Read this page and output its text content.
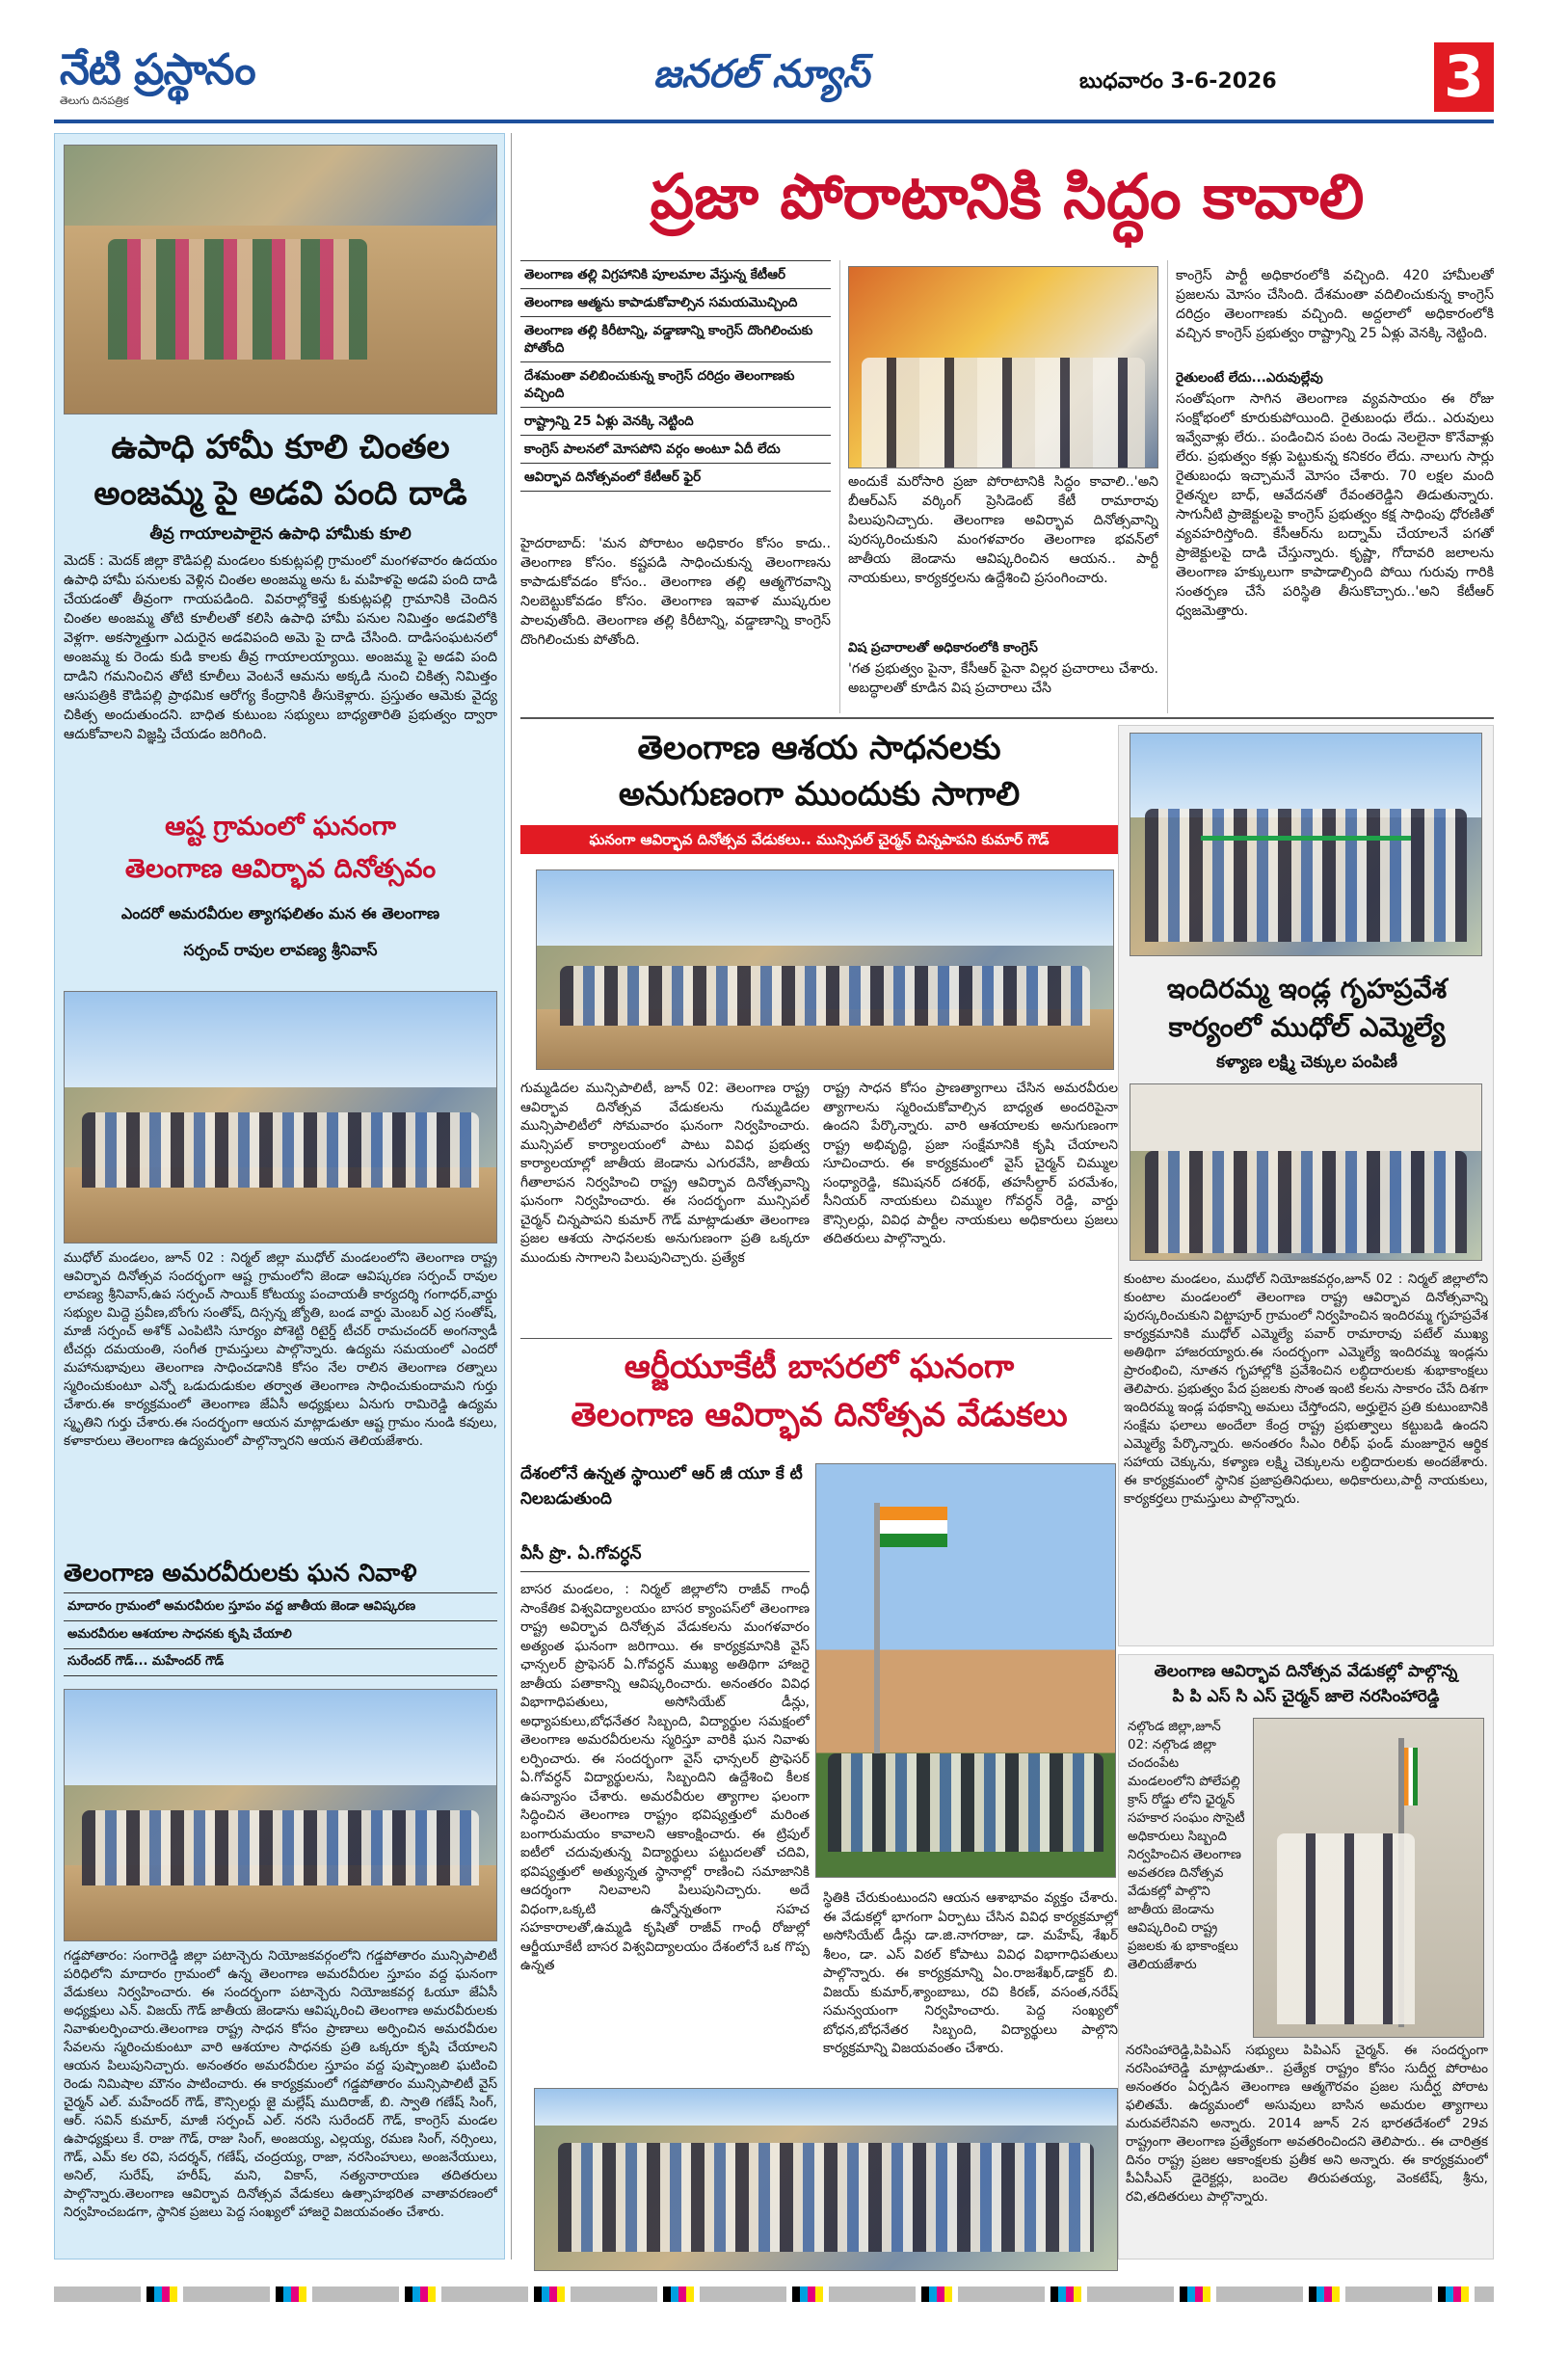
నేటి ప్రస్థానం
తెలుగు దినపత్రిక
జనరల్ న్యూస్	బుధవారం 3-6-2026	3
ఉపాధి హామీ కూలి చింతల అంజమ్మ పై అడవి పంది దాడి
తీవ్ర గాయాలపాలైన ఉపాధి హామీకు కూలి
మెదక్ : మెదక్ జిల్లా కౌడిపల్లి మండలం కుకుట్లపల్లి గ్రామంలో మంగళవారం ఉదయం ఉపాధి హామీ పనులకు వెళ్లిన చింతల అంజమ్మ అను ఓ మహిళపై అడవి పంది దాడి చేయడంతో తీవ్రంగా గాయపడింది. వివరాల్లోకెళ్తే కుకుట్లపల్లి గ్రామానికి చెందిన చింతల అంజమ్మ తోటి కూలీలతో కలిసి ఉపాధి హామీ పనుల నిమిత్తం అడవిలోకి వెళ్లగా. అకస్మాత్తుగా ఎదురైన అడవిపంది అమె పై దాడి చేసింది. దాడిసంఘటనలో అంజమ్మ కు రెండు కుడి కాలకు తీవ్ర గాయాలయ్యాయి. అంజమ్మ పై అడవి పంది దాడిని గమనించిన తోటి కూలీలు వెంటనే ఆమను అక్కడి నుంచి చికిత్స నిమిత్తం ఆసుపత్రికి కౌడిపల్లి ప్రాథమిక ఆరోగ్య కేంద్రానికి తీసుకెళ్లారు. ప్రస్తుతం ఆమెకు వైద్య చికిత్స అందుతుందని. బాధిత కుటుంబ సభ్యులు బాధ్యతారితి ప్రభుత్వం ద్వారా ఆదుకోవాలని విజ్ఞప్తి చేయడం జరిగింది.
ఆష్ట గ్రామంలో ఘనంగా
తెలంగాణ ఆవిర్భావ దినోత్సవం
ఎందరో అమరవీరుల త్యాగఫలితం మన ఈ తెలంగాణ
సర్పంచ్ రావుల లావణ్య శ్రీనివాస్
ముధోల్ మండలం, జూన్ 02 : నిర్మల్ జిల్లా ముధోల్ మండలంలోని తెలంగాణ రాష్ట్ర ఆవిర్భావ దినోత్సవ సందర్భంగా ఆష్ట గ్రామంలోని జెండా ఆవిష్కరణ సర్పంచ్ రావుల లావణ్య శ్రీనివాస్,ఉప సర్పంచ్ సాయిక్ కోటయ్య పంచాయతీ కార్యదర్శి గంగాధర్,వార్డు సభ్యుల మిద్దె ప్రవీణ,బోంగు సంతోష్, దిస్సన్న జ్యోతి, బండ వార్డు మెంబర్ ఎర్ర సంతోష్, మాజీ సర్పంచ్ అశోక్ ఎంపిటిసి సూర్యం పోశెట్టి రిటైర్డ్ టీచర్ రామచందర్ అంగన్వాడీ టీచర్లు దమయంతి, సంగీత గ్రామస్తులు పాల్గొన్నారు. ఉద్యమ సమయంలో ఎందరో మహానుభావులు తెలంగాణ సాధించడానికి కోసం నేల రాలిన తెలంగాణ రత్నాలు స్మరించుకుంటూ ఎన్నో ఒడుదుడుకుల తర్వాత తెలంగాణ సాధించుకుందామని గుర్తు చేశారు.ఈ కార్యక్రమంలో తెలంగాణ జేఏసీ అధ్యక్షులు ఏనుగు రామిరెడ్డి ఉద్యమ స్మృతిని గుర్తు చేశారు.ఈ సందర్భంగా ఆయన మాట్లాడుతూ ఆష్ట గ్రామం నుండి కవులు, కళాకారులు తెలంగాణ ఉద్యమంలో పాల్గొన్నారని ఆయన తెలియజేశారు.
తెలంగాణ అమరవీరులకు ఘన నివాళి
మాదారం గ్రామంలో అమరవీరుల స్తూపం వద్ద జాతీయ జెండా ఆవిష్కరణ
అమరవీరుల ఆశయాల సాధనకు కృషి చేయాలి
సురేందర్ గౌడ్... మహేందర్ గౌడ్
గడ్డపోతారం: సంగారెడ్డి జిల్లా పటాన్చెరు నియోజకవర్గంలోని గడ్డపోతారం మున్సిపాలిటీ పరిధిలోని మాదారం గ్రామంలో ఉన్న తెలంగాణ అమరవీరుల స్తూపం వద్ద ఘనంగా వేడుకలు నిర్వహించారు. ఈ సందర్భంగా పటాన్చెరు నియోజకవర్గ ఓయూ జేఏసీ అధ్యక్షులు ఎన్. విజయ్ గౌడ్ జాతీయ జెండాను ఆవిష్కరించి తెలంగాణ అమరవీరులకు నివాళులర్పించారు.తెలంగాణ రాష్ట్ర సాధన కోసం ప్రాణాలు అర్పించిన అమరవీరుల సేవలను స్మరించుకుంటూ వారి ఆశయాల సాధనకు ప్రతి ఒక్కరూ కృషి చేయాలని ఆయన పిలుపునిచ్చారు. అనంతరం అమరవీరుల స్తూపం వద్ద పుష్పాంజలి ఘటించి రెండు నిమిషాల మౌనం పాటించారు. ఈ కార్యక్రమంలో గడ్డపోతారం మున్సిపాలిటీ వైస్ చైర్మన్ ఎల్. మహేందర్ గౌడ్, కౌన్సిలర్లు జై మల్లేష్ ముదిరాజ్, బి. స్వాతి గణేష్ సింగ్, ఆర్. సవిన్ కుమార్, మాజీ సర్పంచ్ ఎల్. నరసి సురేందర్ గౌడ్, కాంగ్రెస్ మండల ఉపాధ్యక్షులు కే. రాజు గౌడ్, రాజు సింగ్, అంజయ్య, ఎల్లయ్య, రమణ సింగ్, నర్సింలు, గౌడ్, ఎమ్ కల రవి, సదర్శన్, గణేష్, చంద్రయ్య, రాజా, నరసింహులు, అంజనేయులు, అనిల్, సురేష్, హరీష్, మని, వికాస్, నత్యనారాయణ తదితరులు పాల్గొన్నారు.తెలంగాణ ఆవిర్భావ దినోత్సవ వేడుకలు ఉత్సాహభరిత వాతావరణంలో నిర్వహించబడగా, స్థానిక ప్రజలు పెద్ద సంఖ్యలో హాజరై విజయవంతం చేశారు.
ప్రజా పోరాటానికి సిద్ధం కావాలి
తెలంగాణ తల్లి విగ్రహానికి పూలమాల వేస్తున్న కేటీఆర్
తెలంగాణ ఆత్మను కాపాడుకోవాల్సిన సమయమొచ్చింది
తెలంగాణ తల్లి కిరీటాన్ని, వడ్డాణాన్ని కాంగ్రెస్ దొంగిలించుకు పోతోంది
దేశమంతా వలిబించుకున్న కాంగ్రెస్ దరిద్రం తెలంగాణకు వచ్చింది
రాష్ట్రాన్ని 25 ఏళ్లు వెనక్కి నెట్టింది
కాంగ్రెస్ పాలనలో మోసపోని వర్గం అంటూ ఏదీ లేదు
ఆవిర్భావ దినోత్సవంలో కేటీఆర్ ఫైర్
హైదరాబాద్: 'మన పోరాటం అధికారం కోసం కాదు.. తెలంగాణ కోసం. కష్టపడి సాధించుకున్న తెలంగాణను కాపాడుకోవడం కోసం.. తెలంగాణ తల్లి ఆత్మగౌరవాన్ని నిలబెట్టుకోవడం కోసం. తెలంగాణ ఇవాళ ముష్కరుల పాలవుతోంది. తెలంగాణ తల్లి కిరీటాన్ని, వడ్డాణాన్ని కాంగ్రెస్ దొంగిలించుకు పోతోంది.
అందుకే మరోసారి ప్రజా పోరాటానికి సిద్ధం కావాలి..'అని బీఆర్ఎస్ వర్కింగ్ ప్రెసిడెంట్ కేటీ రామారావు పిలుపునిచ్చారు. తెలంగాణ అవిర్భావ దినోత్సవాన్ని పురస్కరించుకుని మంగళవారం తెలంగాణ భవన్‌లో జాతీయ జెండాను ఆవిష్కరించిన ఆయన.. పార్టీ నాయకులు, కార్యకర్తలను ఉద్దేశించి ప్రసంగించారు.
విష ప్రచారాలతో అధికారంలోకి కాంగ్రెస్
'గత ప్రభుత్వం పైనా, కేసీఆర్ పైనా విల్లర ప్రచారాలు చేశారు. అబద్ధాలతో కూడిన విష ప్రచారాలు చేసి
కాంగ్రెస్ పార్టీ అధికారంలోకి వచ్చింది. 420 హామీలతో ప్రజలను మోసం చేసింది. దేశమంతా వదిలించుకున్న కాంగ్రెస్ దరిద్రం తెలంగాణకు వచ్చింది. అద్దలాలో అధికారంలోకి వచ్చిన కాంగ్రెస్ ప్రభుత్వం రాష్ట్రాన్ని 25 ఏళ్లు వెనక్కి నెట్టింది.
రైతులంటే లేదు...ఎరువుల్లేవు
సంతోషంగా సాగిన తెలంగాణ వ్యవసాయం ఈ రోజు సంక్షోభంలో కూరుకుపోయింది. రైతుబంధు లేదు.. ఎరువులు ఇవ్వేవాళ్లు లేరు.. పండించిన పంట రెండు నెలలైనా కొనేవాళ్లు లేరు. ప్రభుత్వం కళ్లు పెట్టుకున్న కనికరం లేదు. నాలుగు సార్లు రైతుబంధు ఇచ్చామనే మోసం చేశారు. 70 లక్షల మంది రైతన్నల బాధ్, ఆవేదనతో రేవంతరెడ్డిని తిడుతున్నారు. సాగునీటి ప్రాజెక్టులపై కాంగ్రెస్ ప్రభుత్వం కక్ష సాధింపు ధోరణితో వ్యవహరిస్తోంది. కేసీఆర్‌ను బద్నామ్ చేయాలనే పగతో ప్రాజెక్టులపై దాడి చేస్తున్నారు. కృష్ణా, గోదావరి జలాలను తెలంగాణ హక్కులుగా కాపాడాల్సింది పోయి గురువు గారికి సంతర్పణ చేసే పరిస్థితి తీసుకొచ్చారు..'అని కేటీఆర్ ధ్వజమెత్తారు.
తెలంగాణ ఆశయ సాధనలకు
అనుగుణంగా ముందుకు సాగాలి
ఘనంగా ఆవిర్భావ దినోత్సవ వేడుకలు.. మున్సిపల్ చైర్మన్ చిన్నపాపని కుమార్ గౌడ్
గుమ్మడిదల మున్సిపాలిటీ, జూన్ 02: తెలంగాణ రాష్ట్ర ఆవిర్భావ దినోత్సవ వేడుకలను గుమ్మడిదల మున్సిపాలిటీలో సోమవారం ఘనంగా నిర్వహించారు. మున్సిపల్ కార్యాలయంలో పాటు వివిధ ప్రభుత్వ కార్యాలయాల్లో జాతీయ జెండాను ఎగురవేసి, జాతీయ గీతాలాపన నిర్వహించి రాష్ట్ర ఆవిర్భావ దినోత్సవాన్ని ఘనంగా నిర్వహించారు. ఈ సందర్భంగా మున్సిపల్ చైర్మన్ చిన్నపాపని కుమార్ గౌడ్ మాట్లాడుతూ తెలంగాణ ప్రజల ఆశయ సాధనలకు అనుగుణంగా ప్రతి ఒక్కరూ ముందుకు సాగాలని పిలుపునిచ్చారు. ప్రత్యేక
రాష్ట్ర సాధన కోసం ప్రాణత్యాగాలు చేసిన అమరవీరుల త్యాగాలను స్మరించుకోవాల్సిన బాధ్యత అందరిపైనా ఉందని పేర్కొన్నారు. వారి ఆశయాలకు అనుగుణంగా రాష్ట్ర అభివృద్ధి, ప్రజా సంక్షేమానికి కృషి చేయాలని సూచించారు. ఈ కార్యక్రమంలో వైస్ చైర్మన్ చిమ్ముల సంధ్యారెడ్డి, కమిషనర్ దశరథ్, తహసీల్దార్ పరమేశం, సీనియర్ నాయకులు చిమ్ముల గోవర్ధన్ రెడ్డి, వార్డు కౌన్సిలర్లు, వివిధ పార్టీల నాయకులు అధికారులు ప్రజలు తదితరులు పాల్గొన్నారు.
ఆర్జీయూకేటీ బాసరలో ఘనంగా
తెలంగాణ ఆవిర్భావ దినోత్సవ వేడుకలు
దేశంలోనే ఉన్నత స్థాయిలో ఆర్ జీ యూ కే టీ నిలబడుతుంది
వీసీ ప్రొ. ఏ.గోవర్ధన్
బాసర మండలం, : నిర్మల్ జిల్లాలోని రాజీవ్ గాంధీ సాంకేతిక విశ్వవిద్యాలయం బాసర క్యాంపస్‌లో తెలంగాణ రాష్ట్ర అవిర్భావ దినోత్సవ వేడుకలను మంగళవారం అత్యంత ఘనంగా జరిగాయి. ఈ కార్యక్రమానికి వైస్ ఛాన్సలర్ ప్రొఫెసర్ ఏ.గోవర్ధన్ ముఖ్య అతిథిగా హాజరై జాతీయ పతాకాన్ని ఆవిష్కరించారు. అనంతరం వివిధ విభాగాధిపతులు, అసోసియేట్ డీన్లు, అధ్యాపకులు,బోధనేతర సిబ్బంది, విద్యార్థుల సమక్షంలో తెలంగాణ అమరవీరులను స్మరిస్తూ వారికి ఘన నివాళు లర్పించారు. ఈ సందర్భంగా వైస్ ఛాన్సలర్ ప్రొఫెసర్ ఏ.గోవర్ధన్ విద్యార్థులను, సిబ్బందిని ఉద్దేశించి కీలక ఉపన్యాసం చేశారు. అమరవీరుల త్యాగాల ఫలంగా సిద్ధించిన తెలంగాణ రాష్ట్రం భవిష్యత్తులో మరింత బంగారుమయం కావాలని ఆకాంక్షించారు. ఈ ట్రిపుల్ ఐటీలో చదువుతున్న విద్యార్థులు పట్టుదలతో చదివి, భవిష్యత్తులో అత్యున్నత స్థానాల్లో రాణించి సమాజానికి ఆదర్శంగా నిలవాలని పిలుపునిచ్చారు. అదే విధంగా,ఒక్కటి ఉన్నోన్నతంగా సహచ సహకారాలతో,ఉమ్మడి కృషితో రాజీవ్ గాంధీ రోజుల్లో ఆర్జీయూకేటీ బాసర విశ్వవిద్యాలయం దేశంలోనే ఒక గొప్ప ఉన్నత
స్థితికి చేరుకుంటుందని ఆయన ఆశాభావం వ్యక్తం చేశారు. ఈ వేడుకల్లో భాగంగా ఏర్పాటు చేసిన వివిధ కార్యక్రమాల్లో అసోసియేట్ డీన్లు డా.జి.నాగరాజు, డా. మహేష్, శేఖర్ శీలం, డా. ఎస్ విఠల్ కోపాటు వివిధ విభాగాధిపతులు పాల్గొన్నారు. ఈ కార్యక్రమాన్ని ఏం.రాజశేఖర్,డాక్టర్ బి. విజయ్ కుమార్,శ్యాంబాబు, రవి కిరణ్, వసంత,నరేష్ సమన్వయంగా నిర్వహించారు. పెద్ద సంఖ్యలో బోధన,బోధనేతర సిబ్బంది, విద్యార్థులు పాల్గొని కార్యక్రమాన్ని విజయవంతం చేశారు.
ఇందిరమ్మ ఇండ్ల గృహప్రవేశ
కార్యంలో ముధోల్ ఎమ్మెల్యే
కళ్యాణ లక్ష్మి చెక్కుల పంపిణీ
కుంటాల మండలం, ముధోల్ నియోజకవర్గం,జూన్ 02 : నిర్మల్ జిల్లాలోని కుంటాల మండలంలో తెలంగాణ రాష్ట్ర ఆవిర్భావ దినోత్సవాన్ని పురస్కరించుకుని విట్టాపూర్ గ్రామంలో నిర్వహించిన ఇందిరమ్మ గృహప్రవేశ కార్యక్రమానికి ముధోల్ ఎమ్మెల్యే పవార్ రామారావు పటేల్ ముఖ్య అతిథిగా హాజరయ్యారు.ఈ సందర్భంగా ఎమ్మెల్యే ఇందిరమ్మ ఇండ్లను ప్రారంభించి, నూతన గృహాల్లోకి ప్రవేశించిన లబ్ధిదారులకు శుభాకాంక్షలు తెలిపారు. ప్రభుత్వం పేద ప్రజలకు సొంత ఇంటి కలను సాకారం చేసే దిశగా ఇందిరమ్మ ఇండ్ల పథకాన్ని అమలు చేస్తోందని, అర్హులైన ప్రతి కుటుంబానికి సంక్షేమ ఫలాలు అందేలా కేంద్ర రాష్ట్ర ప్రభుత్వాలు కట్టుబడి ఉందని ఎమ్మెల్యే పేర్కొన్నారు. అనంతరం సీఎం రిలీఫ్ ఫండ్ మంజూరైన ఆర్థిక సహాయ చెక్కును, కళ్యాణ లక్ష్మి చెక్కులను లబ్ధిదారులకు అందజేశారు. ఈ కార్యక్రమంలో స్థానిక ప్రజాప్రతినిధులు, అధికారులు,పార్టీ నాయకులు, కార్యకర్తలు గ్రామస్తులు పాల్గొన్నారు.
తెలంగాణ ఆవిర్భావ దినోత్సవ వేడుకల్లో పాల్గొన్న
పి పి ఎస్ సి ఎస్ చైర్మన్ జాలె నరసింహారెడ్డి
నల్గొండ జిల్లా,జూన్ 02: నల్గొండ జిల్లా చందంపేట మండలంలోని పోలేపల్లి క్రాస్ రోడ్డు లోని ఛైర్మన్ సహకార సంఘం సొసైటీ అధికారులు సిబ్బంది నిర్వహించిన తెలంగాణ అవతరణ దినోత్సవ వేడుకల్లో పాల్గొని జాతీయ జెండాను ఆవిష్కరించి రాష్ట్ర ప్రజలకు శు భాకాంక్షలు తెలియజేశారు
నరసింహారెడ్డి,పిపిఎస్ సభ్యులు పిపిఎస్ చైర్మన్. ఈ సందర్భంగా నరసింహారెడ్డి మాట్లాడుతూ.. ప్రత్యేక రాష్ట్రం కోసం సుదీర్ఘ పోరాటం అనంతరం ఏర్పడిన తెలంగాణ ఆత్మగౌరవం ప్రజల సుదీర్ఘ పోరాట ఫలితమే. ఉద్యమంలో అసువులు బాసిన అమరుల త్యాగాలు మరువలేనివని అన్నారు. 2014 జూన్ 2న భారతదేశంలో 29వ రాష్ట్రంగా తెలంగాణ ప్రత్యేకంగా అవతరించిందని తెలిపారు.. ఈ చారిత్రక దినం రాష్ట్ర ప్రజల ఆకాంక్షలకు ప్రతీక అని అన్నారు. ఈ కార్యక్రమంలో పీఏసీఎస్ డైరెక్టర్లు, బందెల తిరుపతయ్య, వెంకటేష్, శ్రీను, రవి,తదితరులు పాల్గొన్నారు.
